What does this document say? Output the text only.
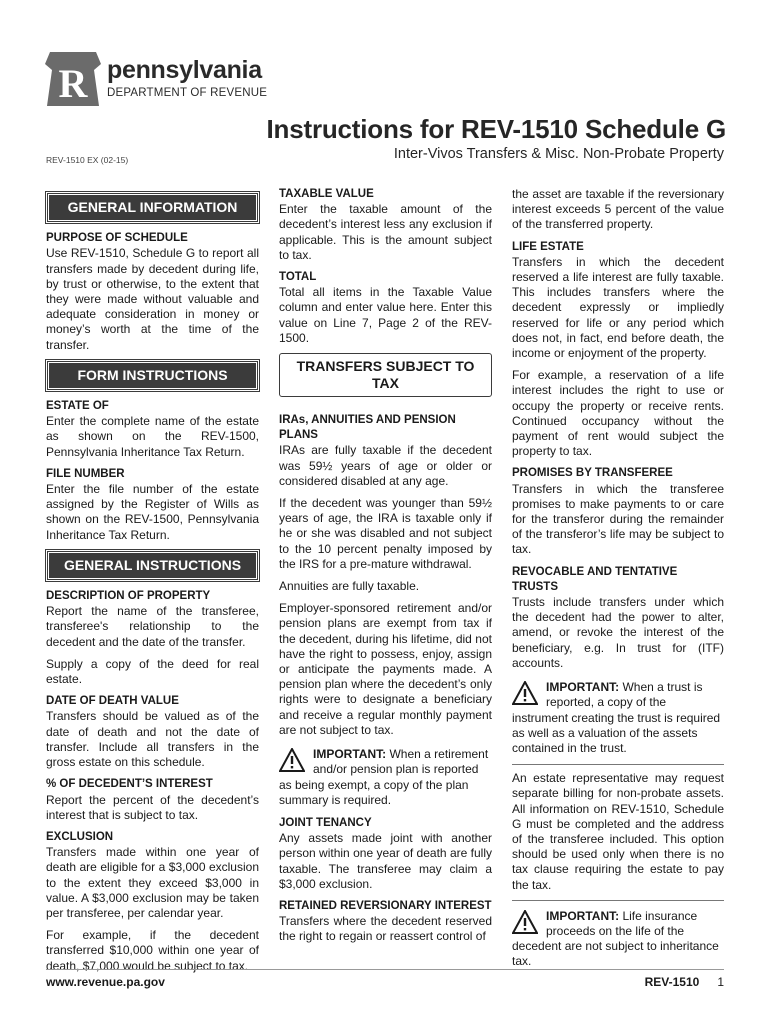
R pennsylvania
DEPARTMENT OF REVENUE
Instructions for REV-1510 Schedule G
REV-1510 EX (02-15)	Inter-Vivos Transfers & Misc. Non-Probate Property
GENERAL INFORMATION
PURPOSE OF SCHEDULE

Use REV-1510, Schedule G to report all transfers made by decedent during life, by trust or otherwise, to the extent that they were made without valuable and adequate consideration in money or money’s worth at the time of the transfer.

FORM INSTRUCTIONS
ESTATE OF

Enter the complete name of the estate as shown on the REV-1500, Pennsylvania Inheritance Tax Return.

FILE NUMBER

Enter the file number of the estate assigned by the Register of Wills as shown on the REV-1500, Pennsylvania Inheritance Tax Return.

GENERAL INSTRUCTIONS
DESCRIPTION OF PROPERTY

Report the name of the transferee, transferee's relationship to the decedent and the date of the transfer.

Supply a copy of the deed for real estate.

DATE OF DEATH VALUE

Transfers should be valued as of the date of death and not the date of transfer. Include all transfers in the gross estate on this schedule.

% OF DECEDENT’S INTEREST

Report the percent of the decedent’s interest that is subject to tax.

EXCLUSION

Transfers made within one year of death are eligible for a $3,000 exclusion to the extent they exceed $3,000 in value. A $3,000 exclusion may be taken per transferee, per calendar year.

For example, if the decedent transferred $10,000 within one year of death, $7,000 would be subject to tax.

TAXABLE VALUE

Enter the taxable amount of the decedent’s interest less any exclusion if applicable. This is the amount subject to tax.

TOTAL

Total all items in the Taxable Value column and enter value here. Enter this value on Line 7, Page 2 of the REV-1500.

TRANSFERS SUBJECT TO TAX
IRAs, ANNUITIES AND PENSION PLANS

IRAs are fully taxable if the decedent was 59½ years of age or older or considered disabled at any age.

If the decedent was younger than 59½ years of age, the IRA is taxable only if he or she was disabled and not subject to the 10 percent penalty imposed by the IRS for a pre-mature withdrawal.

Annuities are fully taxable.

Employer-sponsored retirement and/or pension plans are exempt from tax if the decedent, during his lifetime, did not have the right to possess, enjoy, assign or anticipate the payments made. A pension plan where the decedent’s only rights were to designate a beneficiary and receive a regular monthly payment are not subject to tax.

IMPORTANT: When a retirement and/or pension plan is reported as being exempt, a copy of the plan summary is required.
JOINT TENANCY

Any assets made joint with another person within one year of death are fully taxable. The transferee may claim a $3,000 exclusion.

RETAINED REVERSIONARY INTEREST

Transfers where the decedent reserved the right to regain or reassert control of

the asset are taxable if the reversionary interest exceeds 5 percent of the value of the transferred property.

LIFE ESTATE

Transfers in which the decedent reserved a life interest are fully taxable. This includes transfers where the decedent expressly or impliedly reserved for life or any period which does not, in fact, end before death, the income or enjoyment of the property.

For example, a reservation of a life interest includes the right to use or occupy the property or receive rents. Continued occupancy without the payment of rent would subject the property to tax.

PROMISES BY TRANSFEREE

Transfers in which the transferee promises to make payments to or care for the transferor during the remainder of the transferor’s life may be subject to tax.

REVOCABLE AND TENTATIVE TRUSTS

Trusts include transfers under which the decedent had the power to alter, amend, or revoke the interest of the beneficiary, e.g. In trust for (ITF) accounts.

IMPORTANT: When a trust is reported, a copy of the instrument creating the trust is required as well as a valuation of the assets contained in the trust.

An estate representative may request separate billing for non-probate assets. All information on REV-1510, Schedule G must be completed and the address of the transferee included. This option should be used only when there is no tax clause requiring the estate to pay the tax.

IMPORTANT: Life insurance proceeds on the life of the decedent are not subject to inheritance tax.
www.revenue.pa.gov	REV-1510 1
